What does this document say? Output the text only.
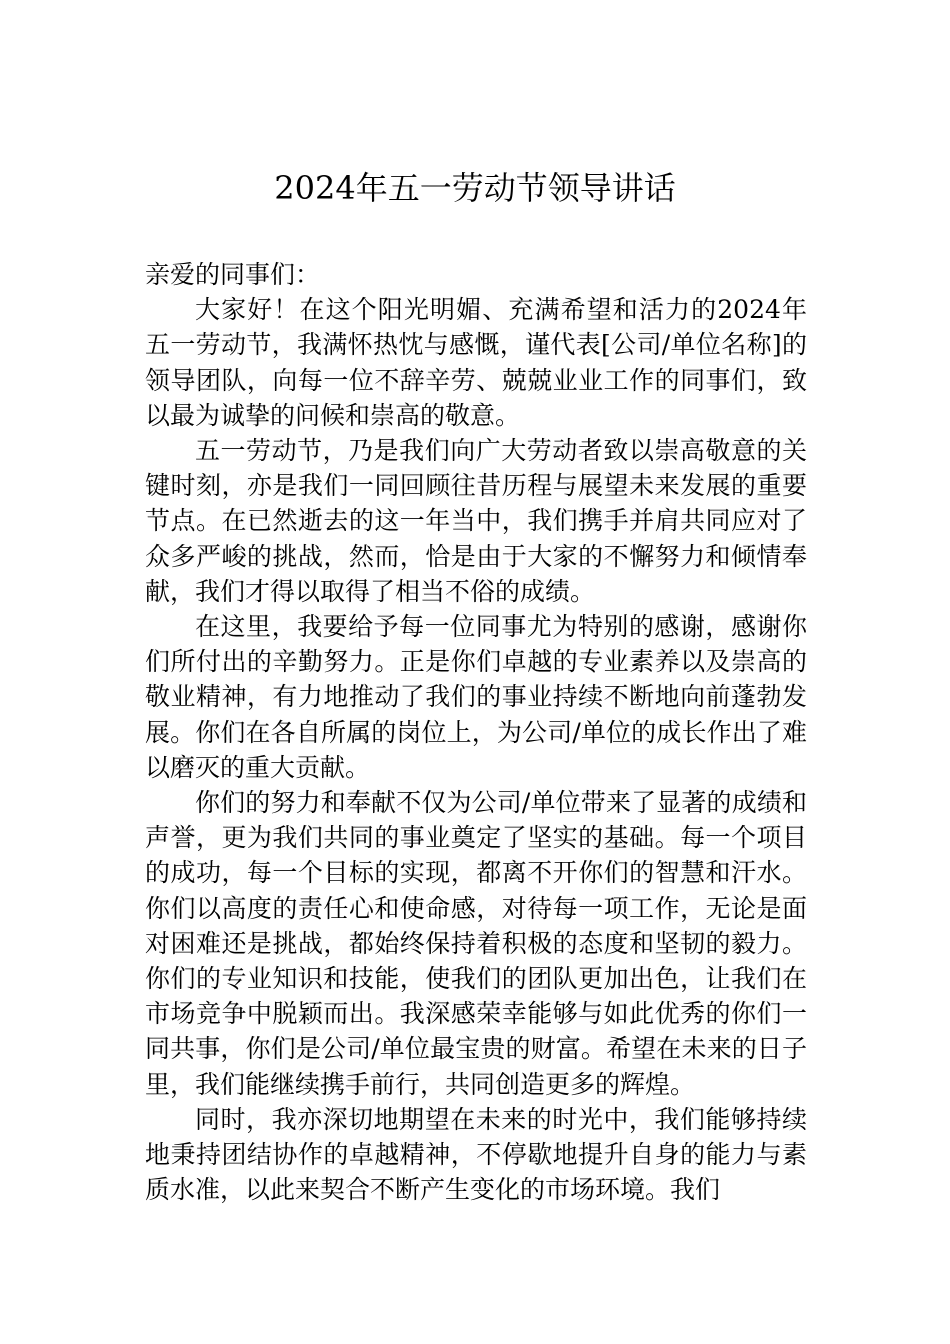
2024年五一劳动节领导讲话

亲爱的同事们：

大家好！在这个阳光明媚、充满希望和活力的2024年五一劳动节，我满怀热忱与感慨，谨代表[公司/单位名称]的领导团队，向每一位不辞辛劳、兢兢业业工作的同事们，致以最为诚挚的问候和崇高的敬意。

五一劳动节，乃是我们向广大劳动者致以崇高敬意的关键时刻，亦是我们一同回顾往昔历程与展望未来发展的重要节点。在已然逝去的这一年当中，我们携手并肩共同应对了众多严峻的挑战，然而，恰是由于大家的不懈努力和倾情奉献，我们才得以取得了相当不俗的成绩。

在这里，我要给予每一位同事尤为特别的感谢，感谢你们所付出的辛勤努力。正是你们卓越的专业素养以及崇高的敬业精神，有力地推动了我们的事业持续不断地向前蓬勃发展。你们在各自所属的岗位上，为公司/单位的成长作出了难以磨灭的重大贡献。

你们的努力和奉献不仅为公司/单位带来了显著的成绩和声誉，更为我们共同的事业奠定了坚实的基础。每一个项目的成功，每一个目标的实现，都离不开你们的智慧和汗水。你们以高度的责任心和使命感，对待每一项工作，无论是面对困难还是挑战，都始终保持着积极的态度和坚韧的毅力。你们的专业知识和技能，使我们的团队更加出色，让我们在市场竞争中脱颖而出。我深感荣幸能够与如此优秀的你们一同共事，你们是公司/单位最宝贵的财富。希望在未来的日子里，我们能继续携手前行，共同创造更多的辉煌。

同时，我亦深切地期望在未来的时光中，我们能够持续地秉持团结协作的卓越精神，不停歇地提升自身的能力与素质水准，以此来契合不断产生变化的市场环境。我们
